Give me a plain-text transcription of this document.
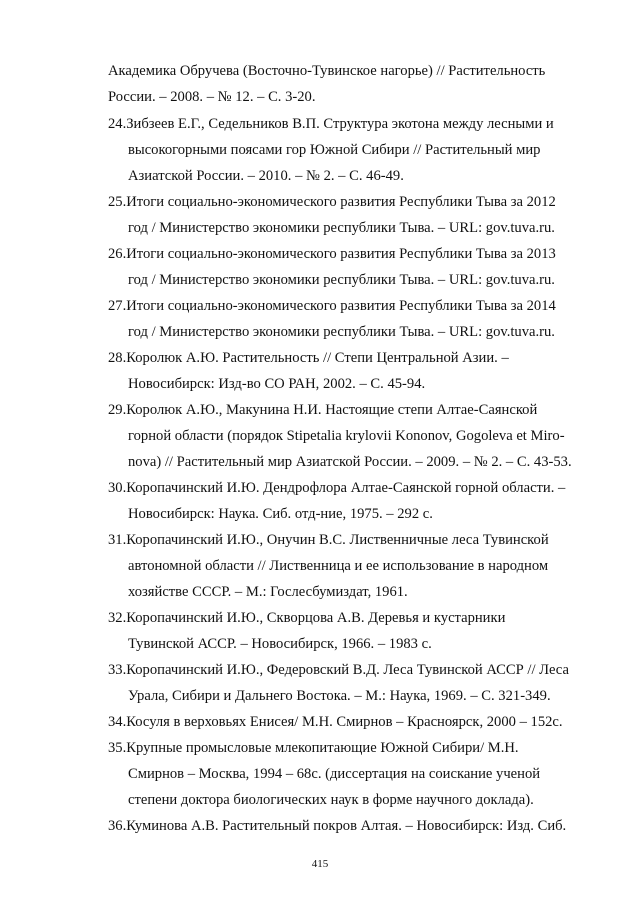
Академика Обручева (Восточно-Тувинское нагорье) // Растительность
России. – 2008. – № 12. – С. 3-20.
24.Зибзеев Е.Г., Седельников В.П. Структура экотона между лесными и
высокогорными поясами гор Южной Сибири // Растительный мир
Азиатской России. – 2010. – № 2. – С. 46-49.
25.Итоги социально-экономического развития Республики Тыва за 2012
год / Министерство экономики республики Тыва. – URL: gov.tuva.ru.
26.Итоги социально-экономического развития Республики Тыва за 2013
год / Министерство экономики республики Тыва. – URL: gov.tuva.ru.
27.Итоги социально-экономического развития Республики Тыва за 2014
год / Министерство экономики республики Тыва. – URL: gov.tuva.ru.
28.Королюк А.Ю. Растительность // Степи Центральной Азии. –
Новосибирск: Изд-во СО РАН, 2002. – С. 45-94.
29.Королюк А.Ю., Макунина Н.И. Настоящие степи Алтае-Саянской
горной области (порядок Stipetalia krylovii Kononov, Gogoleva et Miro-
nova) // Растительный мир Азиатской России. – 2009. – № 2. – С. 43-53.
30.Коропачинский И.Ю. Дендрофлора Алтае-Саянской горной области. –
Новосибирск: Наука. Сиб. отд-ние, 1975. – 292 с.
31.Коропачинский И.Ю., Онучин В.С. Лиственничные леса Тувинской
автономной области // Лиственница и ее использование в народном
хозяйстве СССР. – М.: Гослесбумиздат, 1961.
32.Коропачинский И.Ю., Скворцова А.В. Деревья и кустарники
Тувинской АССР. – Новосибирск, 1966. – 1983 с.
33.Коропачинский И.Ю., Федеровский В.Д. Леса Тувинской АССР // Леса
Урала, Сибири и Дальнего Востока. – М.: Наука, 1969. – С. 321-349.
34.Косуля в верховьях Енисея/ М.Н. Смирнов – Красноярск, 2000 – 152с.
35.Крупные промысловые млекопитающие Южной Сибири/ М.Н.
Смирнов – Москва, 1994 – 68с. (диссертация на соискание ученой
степени доктора биологических наук в форме научного доклада).
36.Куминова А.В. Растительный покров Алтая. – Новосибирск: Изд. Сиб.
415
